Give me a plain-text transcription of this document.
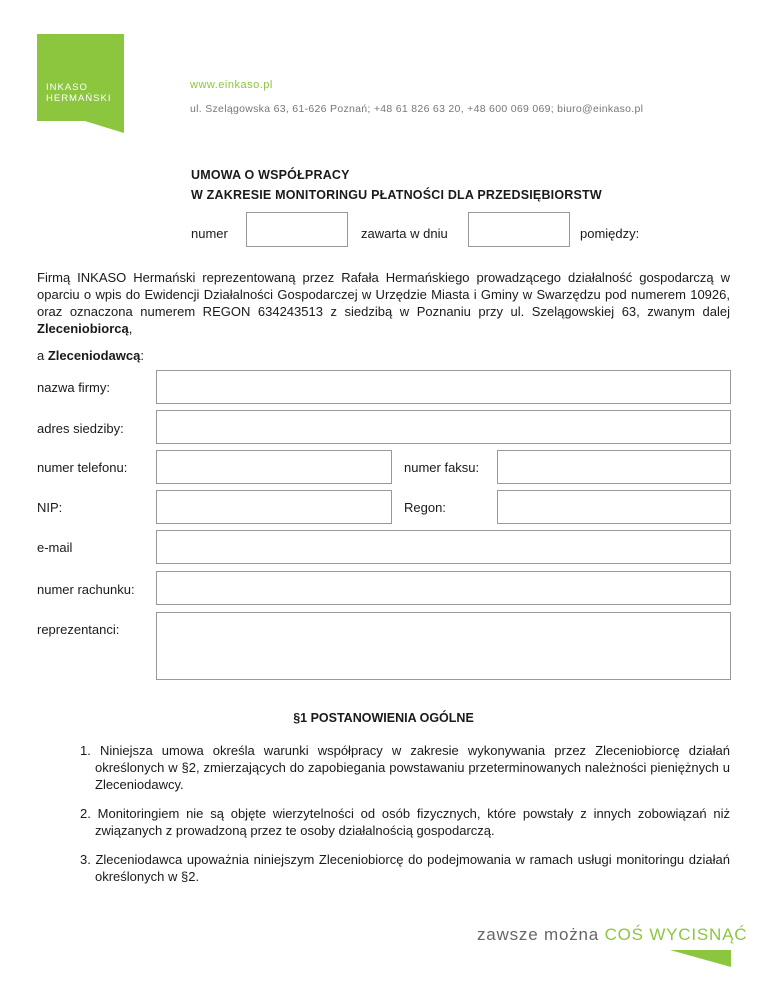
INKASO
HERMAŃSKI
www.einkaso.pl
ul. Szelągowska 63, 61-626 Poznań; +48 61 826 63 20, +48 600 069 069; biuro@einkaso.pl
UMOWA O WSPÓŁPRACY
W ZAKRESIE MONITORINGU PŁATNOŚCI DLA PRZEDSIĘBIORSTW
numer	zawarta w dniu	pomiędzy:
Firmą INKASO Hermański reprezentowaną przez Rafała Hermańskiego prowadzącego działalność gospodarczą w oparciu o wpis do Ewidencji Działalności Gospodarczej w Urzędzie Miasta i Gminy w Swarzędzu pod numerem 10926, oraz oznaczona numerem REGON 634243513 z siedzibą w Poznaniu przy ul. Szelągowskiej 63, zwanym dalej Zleceniobiorcą,
a Zleceniodawcą:
nazwa firmy:
adres siedziby:
numer telefonu:	numer faksu:
NIP:	Regon:
e-mail
numer rachunku:
reprezentanci:
§1 POSTANOWIENIA OGÓLNE
1. Niniejsza umowa określa warunki współpracy w zakresie wykonywania przez Zleceniobiorcę działań określonych w §2, zmierzających do zapobiegania powstawaniu przeterminowanych należności pieniężnych u Zleceniodawcy.
2. Monitoringiem nie są objęte wierzytelności od osób fizycznych, które powstały z innych zobowiązań niż związanych z prowadzoną przez te osoby działalnością gospodarczą.
3. Zleceniodawca upoważnia niniejszym Zleceniobiorcę do podejmowania w ramach usługi monitoringu działań określonych w §2.
zawsze można COŚ WYCISNĄĆ
